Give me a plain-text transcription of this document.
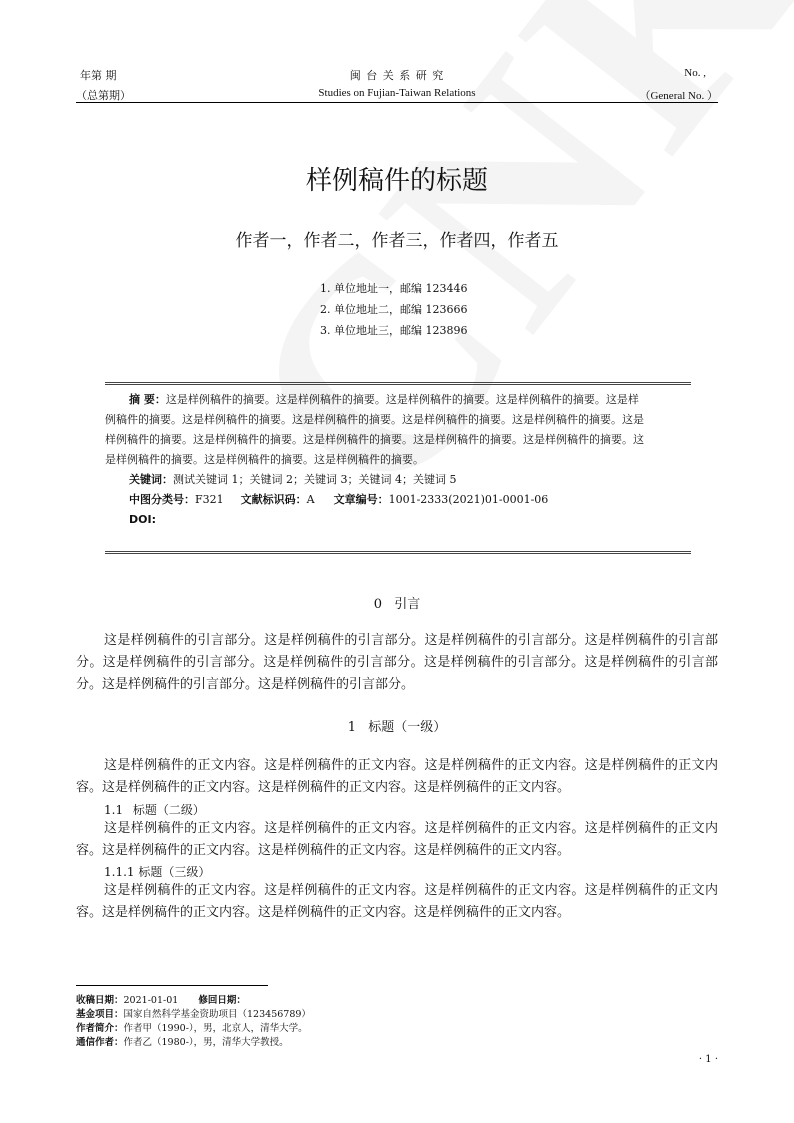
年第 期
（总第期）
闽 台 关 系 研 究
Studies on Fujian-Taiwan Relations
No. ,
（General No. ）
样例稿件的标题
作者一，作者二，作者三，作者四，作者五
1. 单位地址一，邮编 123446
2. 单位地址二，邮编 123666
3. 单位地址三，邮编 123896
摘 要：这是样例稿件的摘要。这是样例稿件的摘要。这是样例稿件的摘要。这是样例稿件的摘要。这是样
例稿件的摘要。这是样例稿件的摘要。这是样例稿件的摘要。这是样例稿件的摘要。这是样例稿件的摘要。这是
样例稿件的摘要。这是样例稿件的摘要。这是样例稿件的摘要。这是样例稿件的摘要。这是样例稿件的摘要。这
是样例稿件的摘要。这是样例稿件的摘要。这是样例稿件的摘要。
关键词：测试关键词 1；关键词 2；关键词 3；关键词 4；关键词 5
中图分类号：F321 文献标识码：A 文章编号：1001-2333(2021)01-0001-06
DOI:
0 引言
这是样例稿件的引言部分。这是样例稿件的引言部分。这是样例稿件的引言部分。这是样例稿件的引言部分。这是样例稿件的引言部分。这是样例稿件的引言部分。这是样例稿件的引言部分。这是样例稿件的引言部分。这是样例稿件的引言部分。这是样例稿件的引言部分。
1 标题（一级）
这是样例稿件的正文内容。这是样例稿件的正文内容。这是样例稿件的正文内容。这是样例稿件的正文内容。这是样例稿件的正文内容。这是样例稿件的正文内容。这是样例稿件的正文内容。
1.1 标题（二级）
这是样例稿件的正文内容。这是样例稿件的正文内容。这是样例稿件的正文内容。这是样例稿件的正文内容。这是样例稿件的正文内容。这是样例稿件的正文内容。这是样例稿件的正文内容。
1.1.1 标题（三级）
这是样例稿件的正文内容。这是样例稿件的正文内容。这是样例稿件的正文内容。这是样例稿件的正文内容。这是样例稿件的正文内容。这是样例稿件的正文内容。这是样例稿件的正文内容。
收稿日期：2021-01-01 修回日期：
基金项目：国家自然科学基金资助项目（123456789）
作者简介：作者甲（1990-），男，北京人，清华大学。
通信作者：作者乙（1980-），男，清华大学教授。
· 1 ·
